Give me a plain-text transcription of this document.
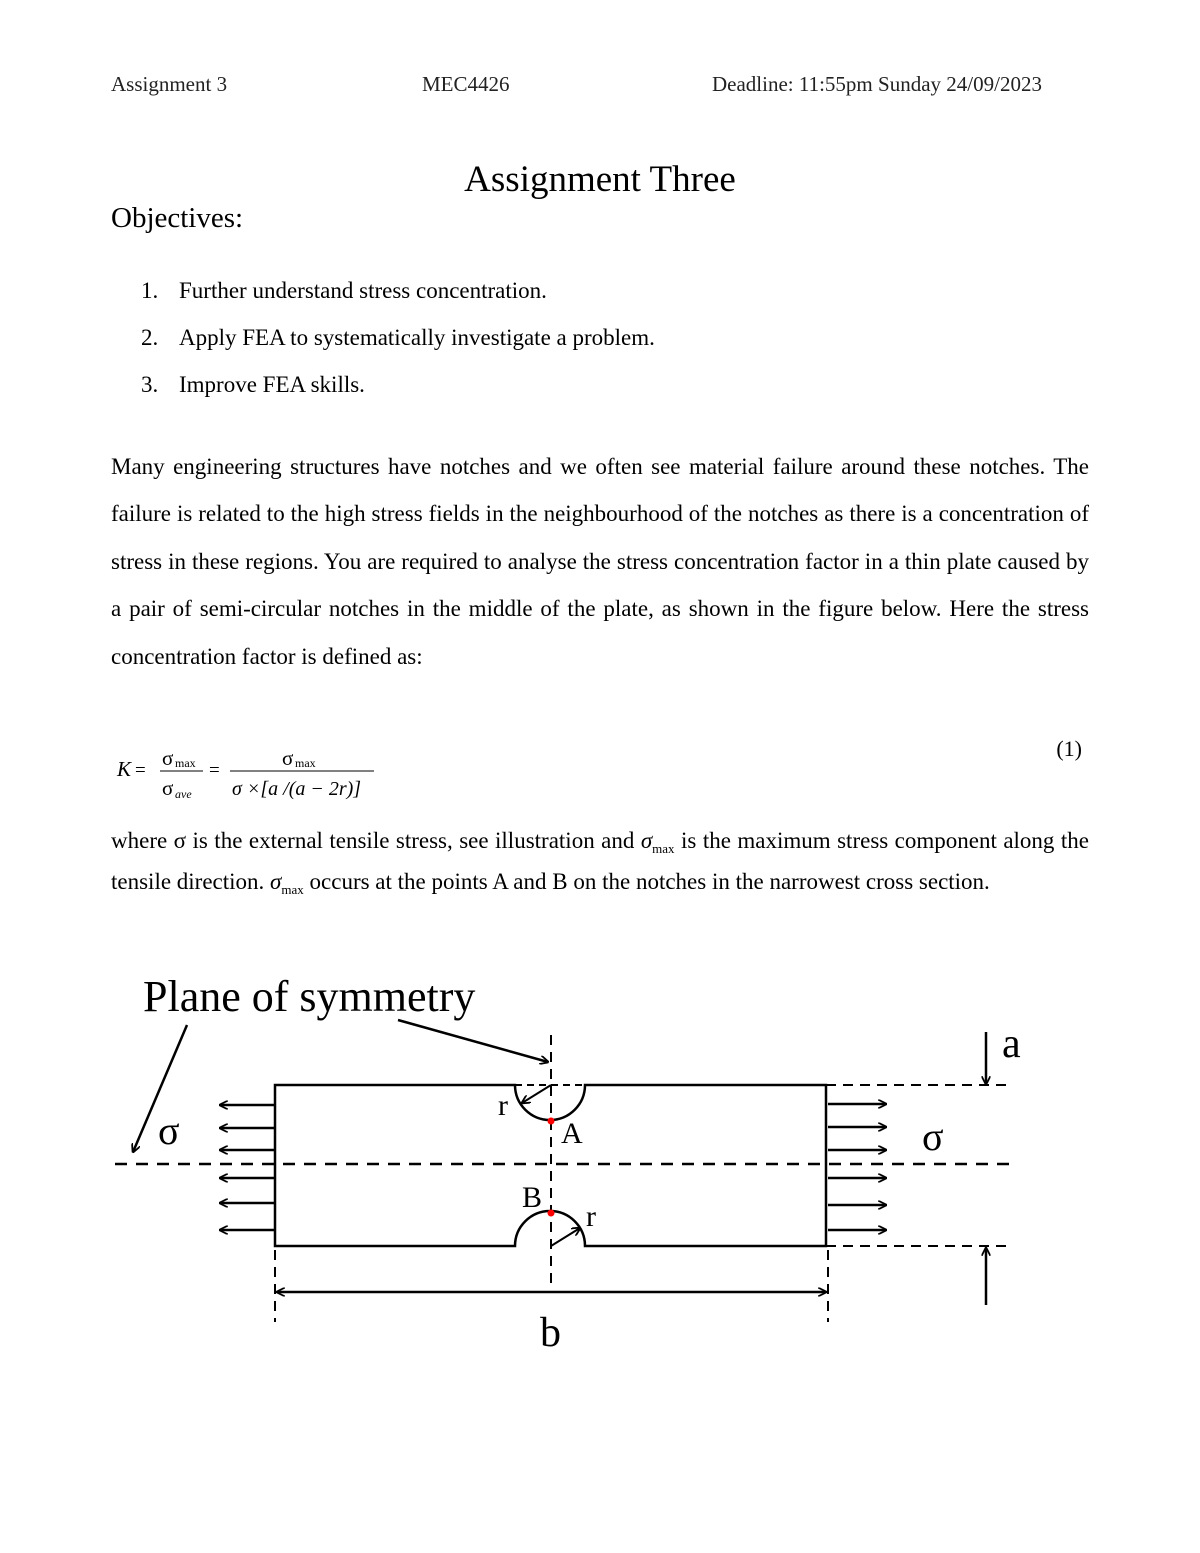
Assignment 3	MEC4426	Deadline: 11:55pm Sunday 24/09/2023
Assignment Three
Objectives:
1. Further understand stress concentration.
2. Apply FEA to systematically investigate a problem.
3. Improve FEA skills.
Many engineering structures have notches and we often see material failure around these notches. The failure is related to the high stress fields in the neighbourhood of the notches as there is a concentration of stress in these regions. You are required to analyse the stress concentration factor in a thin plate caused by a pair of semi-circular notches in the middle of the plate, as shown in the figure below. Here the stress concentration factor is defined as:
K =
σ max
σ ave
=
σ max
σ ×[a /(a − 2r)]
(1)
where σ is the external tensile stress, see illustration and $\sigma_{max}$ is the maximum stress component along the tensile direction. $\sigma_{max}$ occurs at the points A and B on the notches in the narrowest cross section.
Plane of symmetry
a
b
σ	σ
r
r
A
B
